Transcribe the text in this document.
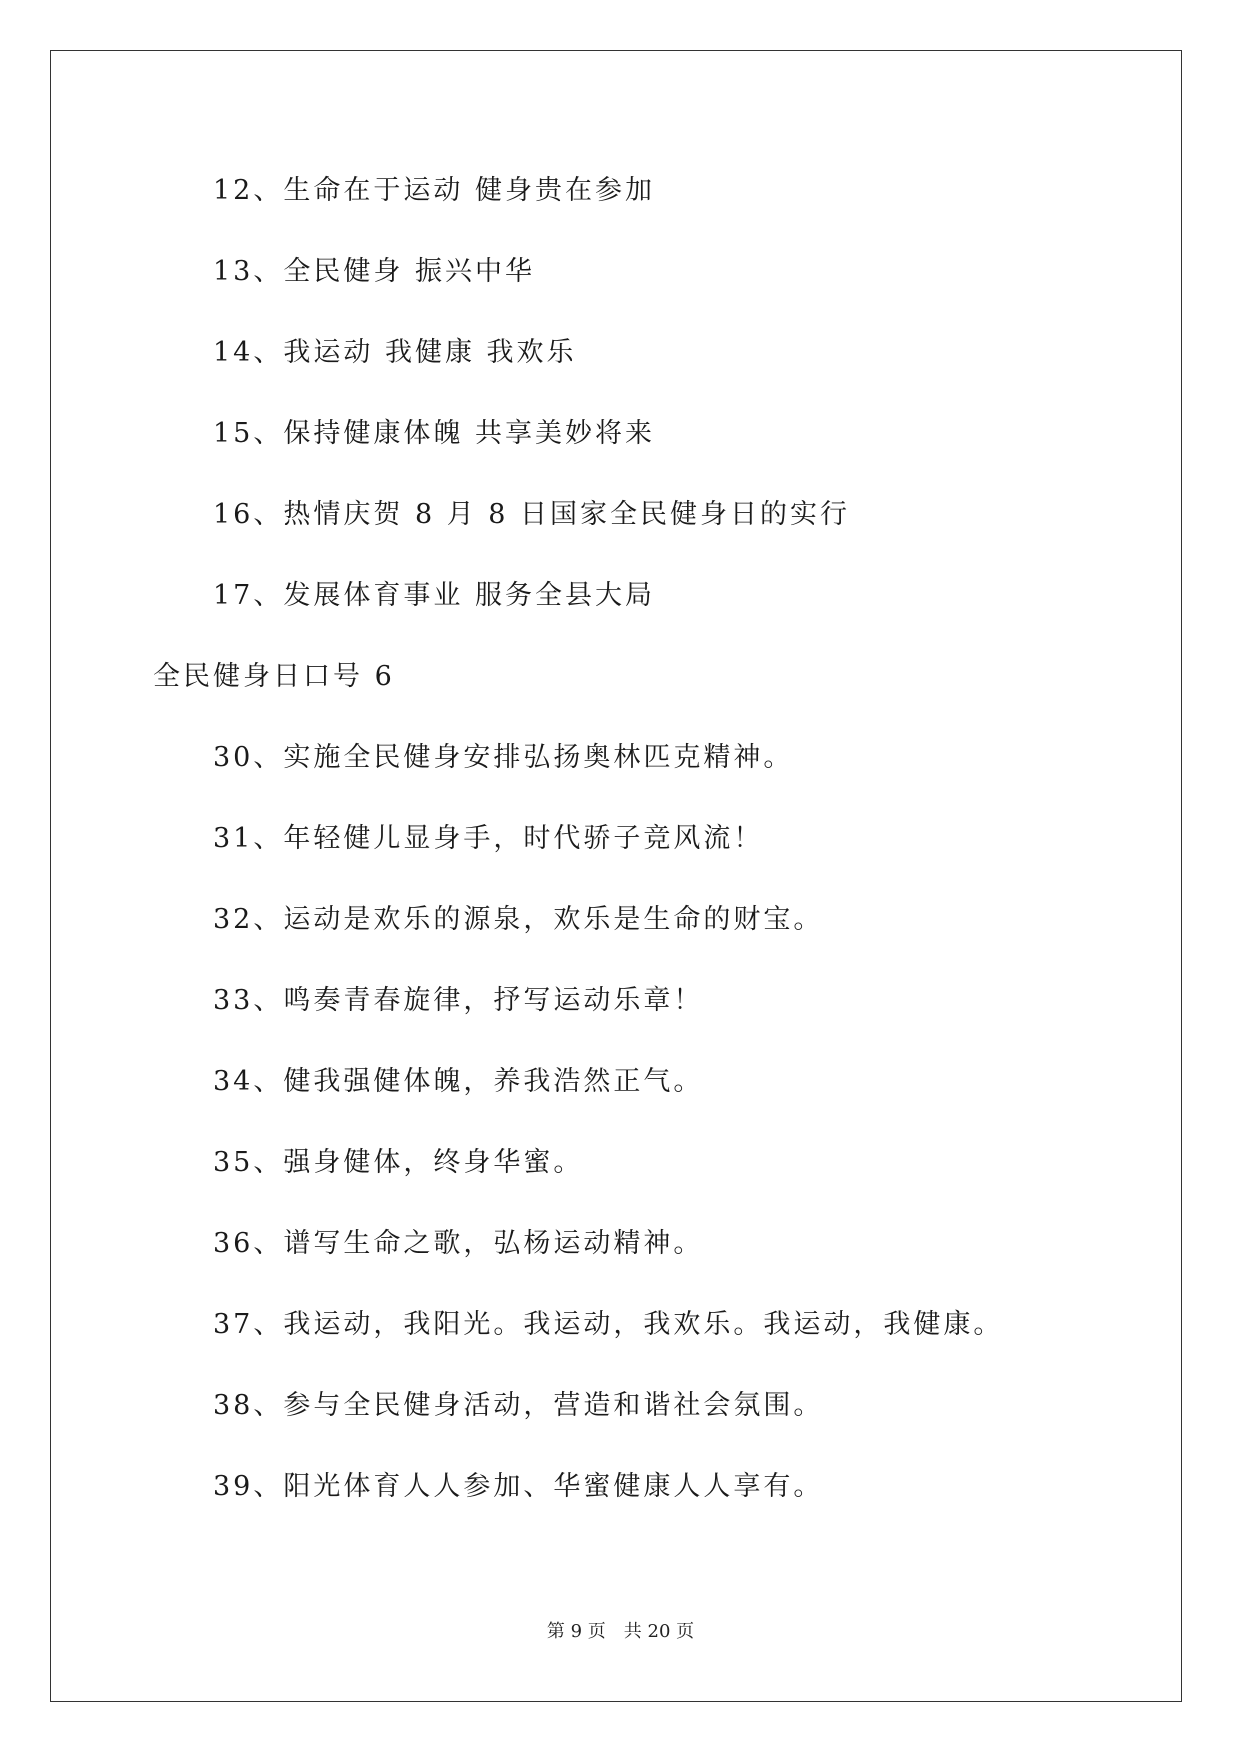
12、生命在于运动 健身贵在参加
13、全民健身 振兴中华
14、我运动 我健康 我欢乐
15、保持健康体魄 共享美妙将来
16、热情庆贺 8 月 8 日国家全民健身日的实行
17、发展体育事业 服务全县大局
全民健身日口号 6
30、实施全民健身安排弘扬奥林匹克精神。
31、年轻健儿显身手，时代骄子竞风流！
32、运动是欢乐的源泉，欢乐是生命的财宝。
33、鸣奏青春旋律，抒写运动乐章！
34、健我强健体魄，养我浩然正气。
35、强身健体，终身华蜜。
36、谱写生命之歌，弘杨运动精神。
37、我运动，我阳光。我运动，我欢乐。我运动，我健康。
38、参与全民健身活动，营造和谐社会氛围。
39、阳光体育人人参加、华蜜健康人人享有。
第 9 页　共 20 页
